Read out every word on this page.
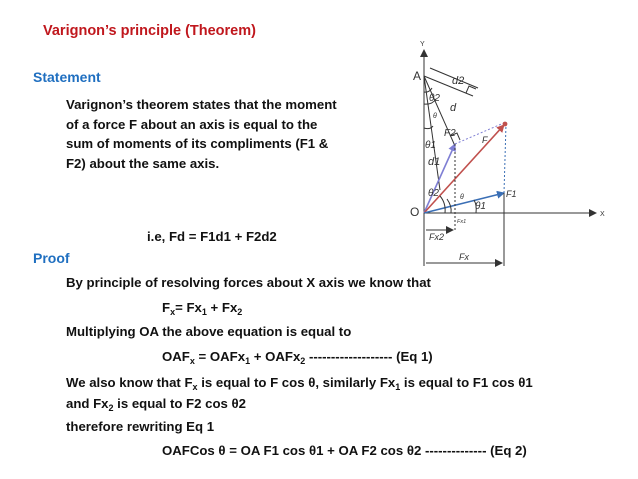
Varignon’s principle (Theorem)
Statement
Varignon’s theorem states that the moment
of a force F about an axis is equal to the
sum of moments of its compliments (F1 &
F2) about the same axis.
i.e, Fd = F1d1 + F2d2
Proof
By principle of resolving forces about X axis we know that
$F_x= Fx_1 + Fx_2$
Multiplying OA the above equation is equal to
$OAF_x$ = OAFx$_1$ + OAFx$_2$ ------------------- (Eq 1)
We also know that $F_x$ is equal to F cos θ, similarly $Fx_1$ is equal to F1 cos θ1
and $Fx_2$ is equal to F2 cos θ2
therefore rewriting Eq 1
OAFCos θ = OA F1 cos θ1 + OA F2 cos θ2 -------------- (Eq 2)
A
O
Y
X
d2
d
d1
θ2
θ
θ1
F2
F
F1
θ2	θ
θ1
Fx1
Fx2
Fx
